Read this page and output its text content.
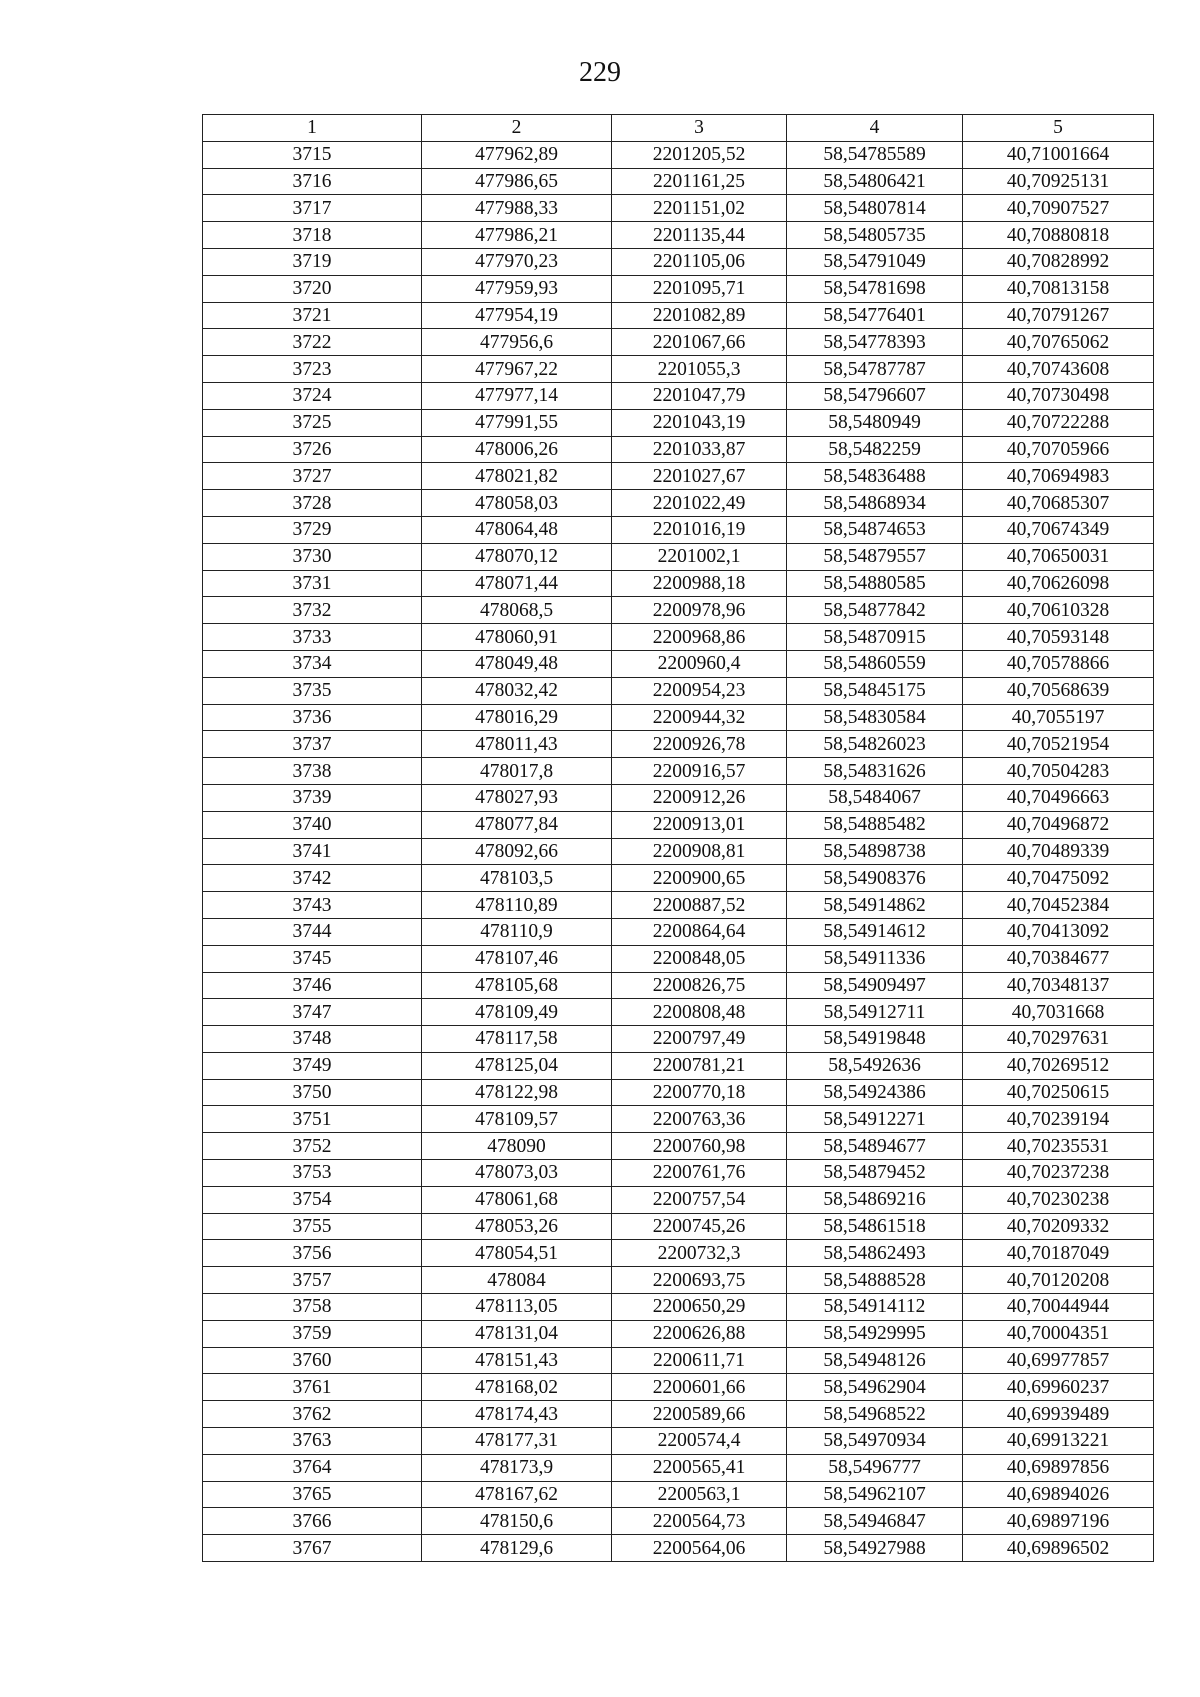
229
1	2	3	4	5
3715	477962,89	2201205,52	58,54785589	40,71001664
3716	477986,65	2201161,25	58,54806421	40,70925131
3717	477988,33	2201151,02	58,54807814	40,70907527
3718	477986,21	2201135,44	58,54805735	40,70880818
3719	477970,23	2201105,06	58,54791049	40,70828992
3720	477959,93	2201095,71	58,54781698	40,70813158
3721	477954,19	2201082,89	58,54776401	40,70791267
3722	477956,6	2201067,66	58,54778393	40,70765062
3723	477967,22	2201055,3	58,54787787	40,70743608
3724	477977,14	2201047,79	58,54796607	40,70730498
3725	477991,55	2201043,19	58,5480949	40,70722288
3726	478006,26	2201033,87	58,5482259	40,70705966
3727	478021,82	2201027,67	58,54836488	40,70694983
3728	478058,03	2201022,49	58,54868934	40,70685307
3729	478064,48	2201016,19	58,54874653	40,70674349
3730	478070,12	2201002,1	58,54879557	40,70650031
3731	478071,44	2200988,18	58,54880585	40,70626098
3732	478068,5	2200978,96	58,54877842	40,70610328
3733	478060,91	2200968,86	58,54870915	40,70593148
3734	478049,48	2200960,4	58,54860559	40,70578866
3735	478032,42	2200954,23	58,54845175	40,70568639
3736	478016,29	2200944,32	58,54830584	40,7055197
3737	478011,43	2200926,78	58,54826023	40,70521954
3738	478017,8	2200916,57	58,54831626	40,70504283
3739	478027,93	2200912,26	58,5484067	40,70496663
3740	478077,84	2200913,01	58,54885482	40,70496872
3741	478092,66	2200908,81	58,54898738	40,70489339
3742	478103,5	2200900,65	58,54908376	40,70475092
3743	478110,89	2200887,52	58,54914862	40,70452384
3744	478110,9	2200864,64	58,54914612	40,70413092
3745	478107,46	2200848,05	58,54911336	40,70384677
3746	478105,68	2200826,75	58,54909497	40,70348137
3747	478109,49	2200808,48	58,54912711	40,7031668
3748	478117,58	2200797,49	58,54919848	40,70297631
3749	478125,04	2200781,21	58,5492636	40,70269512
3750	478122,98	2200770,18	58,54924386	40,70250615
3751	478109,57	2200763,36	58,54912271	40,70239194
3752	478090	2200760,98	58,54894677	40,70235531
3753	478073,03	2200761,76	58,54879452	40,70237238
3754	478061,68	2200757,54	58,54869216	40,70230238
3755	478053,26	2200745,26	58,54861518	40,70209332
3756	478054,51	2200732,3	58,54862493	40,70187049
3757	478084	2200693,75	58,54888528	40,70120208
3758	478113,05	2200650,29	58,54914112	40,70044944
3759	478131,04	2200626,88	58,54929995	40,70004351
3760	478151,43	2200611,71	58,54948126	40,69977857
3761	478168,02	2200601,66	58,54962904	40,69960237
3762	478174,43	2200589,66	58,54968522	40,69939489
3763	478177,31	2200574,4	58,54970934	40,69913221
3764	478173,9	2200565,41	58,5496777	40,69897856
3765	478167,62	2200563,1	58,54962107	40,69894026
3766	478150,6	2200564,73	58,54946847	40,69897196
3767	478129,6	2200564,06	58,54927988	40,69896502
